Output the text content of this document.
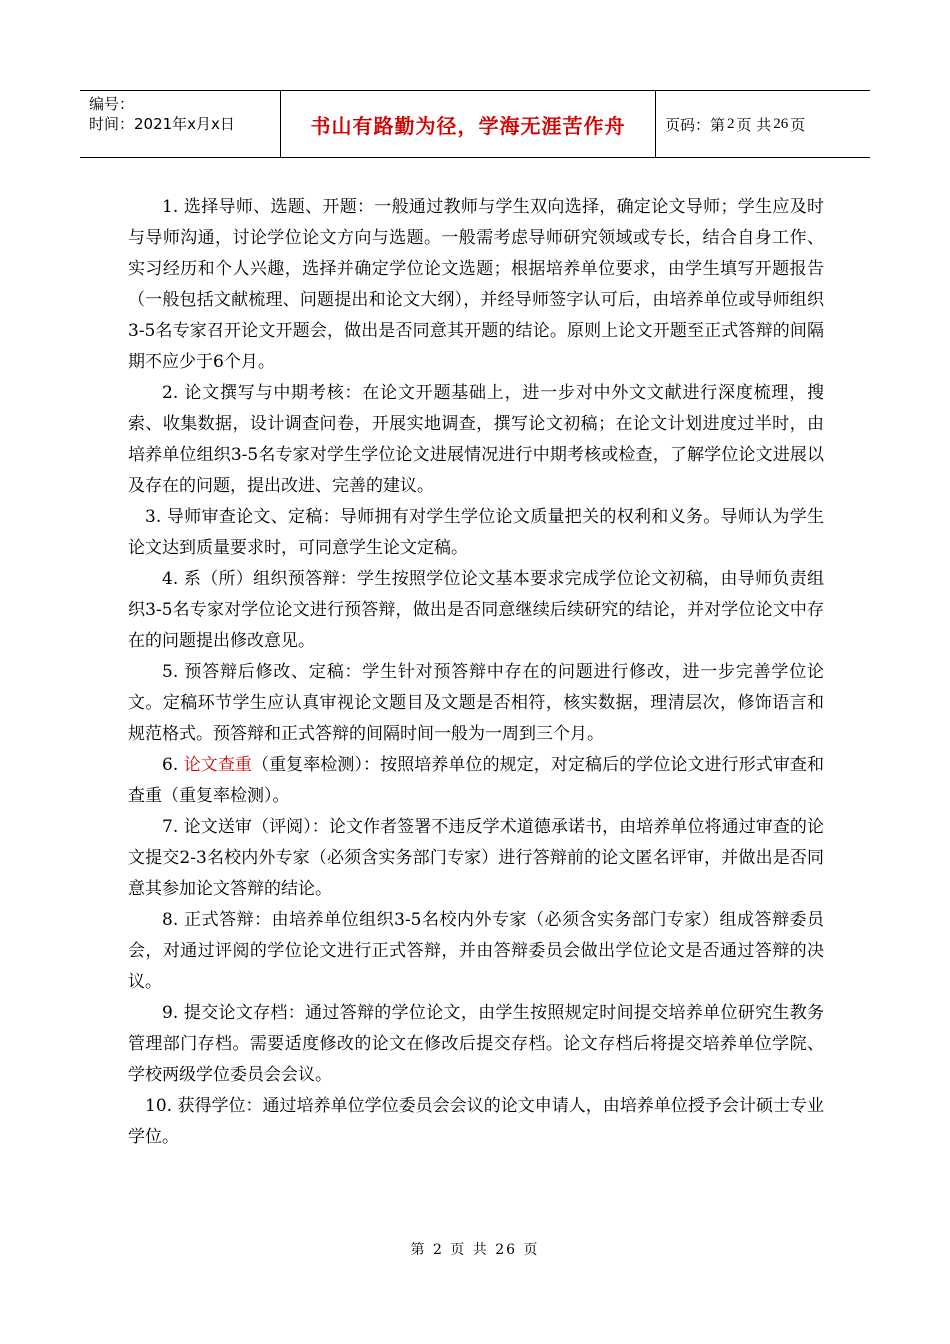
编号：
时间：2021年x月x日	书山有路勤为径，学海无涯苦作舟	页码：第 2 页 共 26 页

1. 选择导师、选题、开题：一般通过教师与学生双向选择，确定论文导师；学生应及时与导师沟通，讨论学位论文方向与选题。一般需考虑导师研究领域或专长，结合自身工作、实习经历和个人兴趣，选择并确定学位论文选题；根据培养单位要求，由学生填写开题报告（一般包括文献梳理、问题提出和论文大纲），并经导师签字认可后，由培养单位或导师组织3-5名专家召开论文开题会，做出是否同意其开题的结论。原则上论文开题至正式答辩的间隔期不应少于6个月。

2. 论文撰写与中期考核：在论文开题基础上，进一步对中外文文献进行深度梳理，搜索、收集数据，设计调查问卷，开展实地调查，撰写论文初稿；在论文计划进度过半时，由培养单位组织3-5名专家对学生学位论文进展情况进行中期考核或检查，了解学位论文进展以及存在的问题，提出改进、完善的建议。

3. 导师审查论文、定稿：导师拥有对学生学位论文质量把关的权利和义务。导师认为学生论文达到质量要求时，可同意学生论文定稿。

4. 系（所）组织预答辩：学生按照学位论文基本要求完成学位论文初稿，由导师负责组织3-5名专家对学位论文进行预答辩，做出是否同意继续后续研究的结论，并对学位论文中存在的问题提出修改意见。

5. 预答辩后修改、定稿：学生针对预答辩中存在的问题进行修改，进一步完善学位论文。定稿环节学生应认真审视论文题目及文题是否相符，核实数据，理清层次，修饰语言和规范格式。预答辩和正式答辩的间隔时间一般为一周到三个月。

6. 论文查重（重复率检测）：按照培养单位的规定，对定稿后的学位论文进行形式审查和查重（重复率检测）。

7. 论文送审（评阅）：论文作者签署不违反学术道德承诺书，由培养单位将通过审查的论文提交2-3名校内外专家（必须含实务部门专家）进行答辩前的论文匿名评审，并做出是否同意其参加论文答辩的结论。

8. 正式答辩：由培养单位组织3-5名校内外专家（必须含实务部门专家）组成答辩委员会，对通过评阅的学位论文进行正式答辩，并由答辩委员会做出学位论文是否通过答辩的决议。

9. 提交论文存档：通过答辩的学位论文，由学生按照规定时间提交培养单位研究生教务管理部门存档。需要适度修改的论文在修改后提交存档。论文存档后将提交培养单位学院、学校两级学位委员会会议。

10. 获得学位：通过培养单位学位委员会会议的论文申请人，由培养单位授予会计硕士专业学位。

第 2 页 共 26 页
